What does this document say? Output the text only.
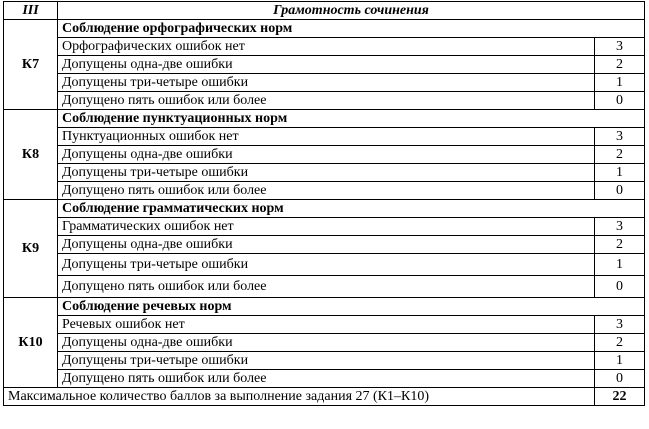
III	Грамотность сочинения	
К7	Соблюдение орфографических норм	
	Орфографических ошибок нет	3
	Допущены одна-две ошибки	2
	Допущены три-четыре ошибки	1
	Допущено пять ошибок или более	0
К8	Соблюдение пунктуационных норм	
	Пунктуационных ошибок нет	3
	Допущены одна-две ошибки	2
	Допущены три-четыре ошибки	1
	Допущено пять ошибок или более	0
К9	Соблюдение грамматических норм	
	Грамматических ошибок нет	3
	Допущены одна-две ошибки	2
	Допущены три-четыре ошибки	1
	Допущено пять ошибок или более	0
К10	Соблюдение речевых норм	
	Речевых ошибок нет	3
	Допущены одна-две ошибки	2
	Допущены три-четыре ошибки	1
	Допущено пять ошибок или более	0
Максимальное количество баллов за выполнение задания 27 (К1–К10)		22
